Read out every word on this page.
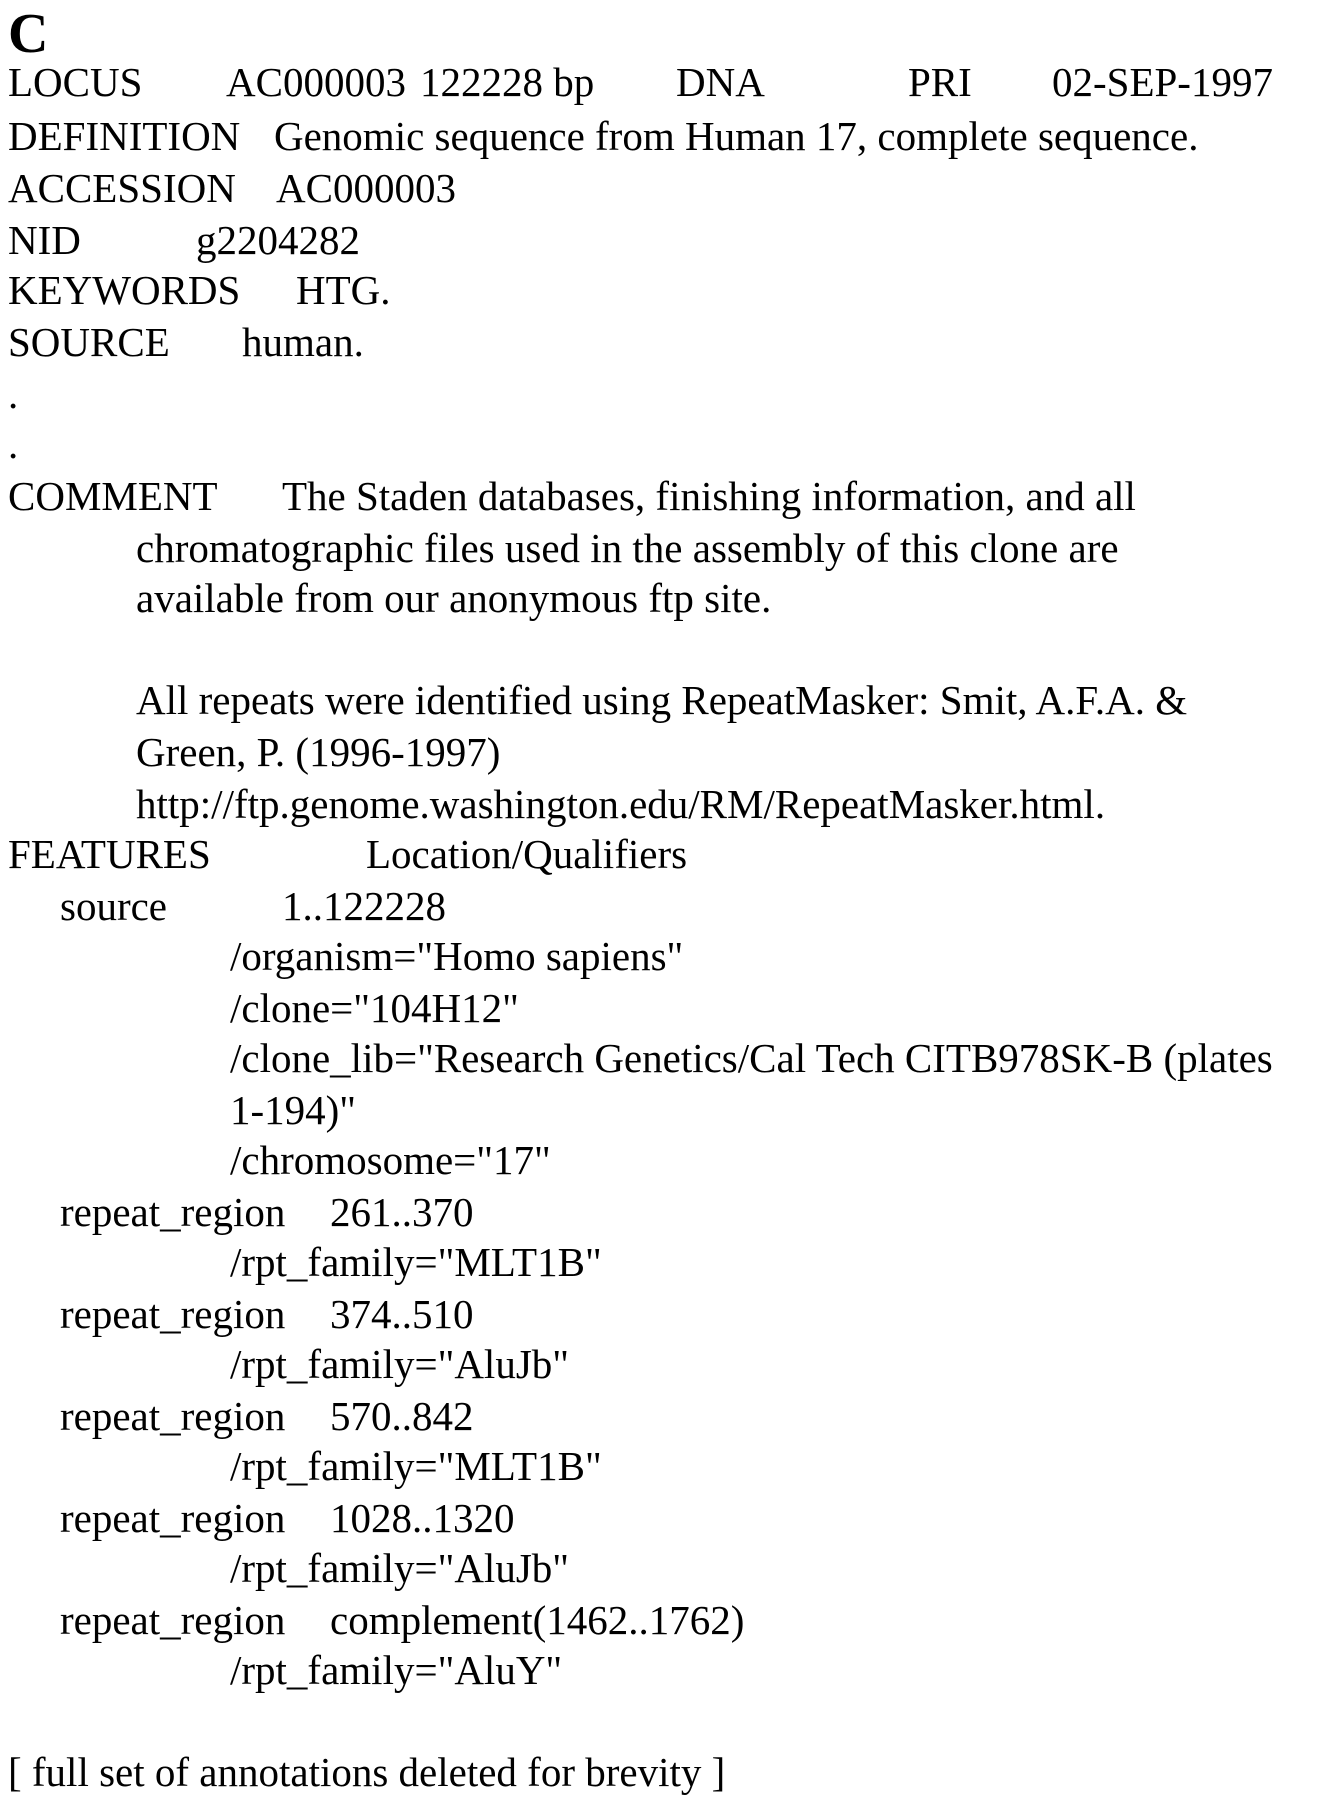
C
LOCUS AC000003 122228 bp DNA	PRI 02-SEP-1997
DEFINITION Genomic sequence from Human 17, complete sequence.
ACCESSION AC000003
NID	g2204282
KEYWORDS HTG.
SOURCE human.
.
.
COMMENT The Staden databases, finishing information, and all
chromatographic files used in the assembly of this clone are
available from our anonymous ftp site.
All repeats were identified using RepeatMasker: Smit, A.F.A. &
Green, P. (1996-1997)
http://ftp.genome.washington.edu/RM/RepeatMasker.html.
FEATURES	Location/Qualifiers
source	1..122228
/organism="Homo sapiens"
/clone="104H12"
/clone_lib="Research Genetics/Cal Tech CITB978SK-B (plates
1-194)"
/chromosome="17"
repeat_region 261..370
/rpt_family="MLT1B"
repeat_region 374..510
/rpt_family="AluJb"
repeat_region 570..842
/rpt_family="MLT1B"
repeat_region 1028..1320
/rpt_family="AluJb"
repeat_region complement(1462..1762)
/rpt_family="AluY"
[ full set of annotations deleted for brevity ]
